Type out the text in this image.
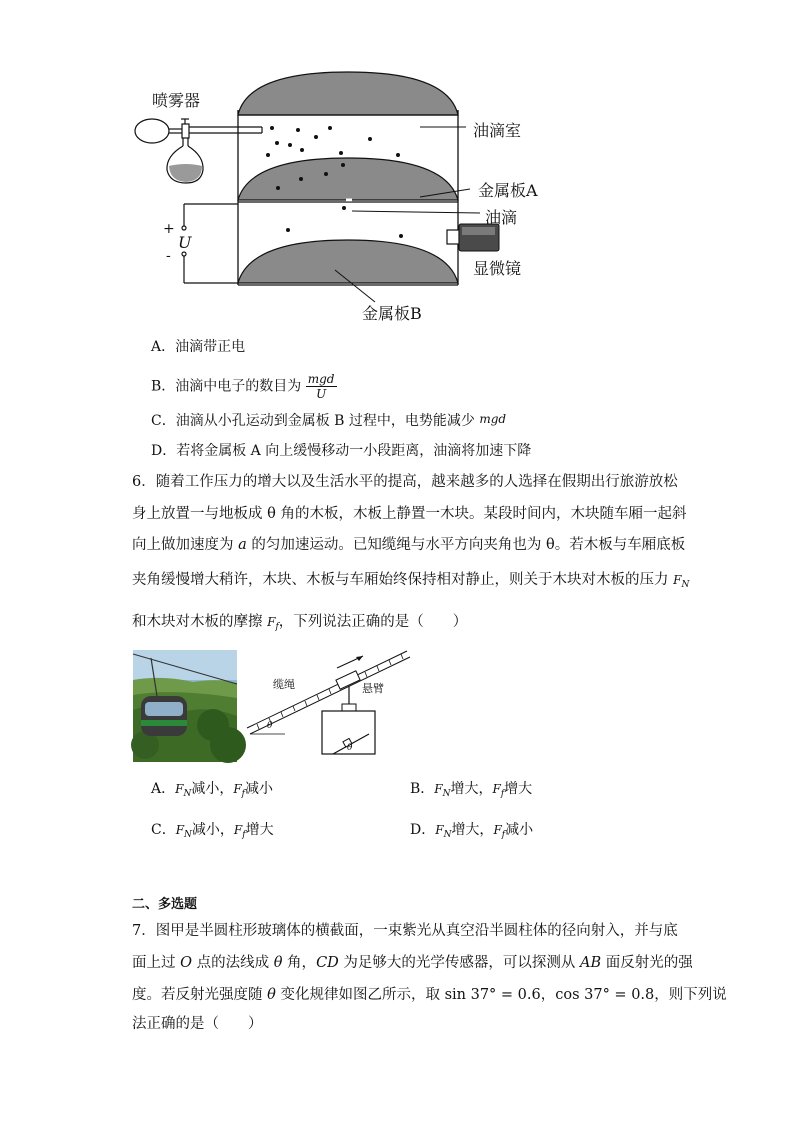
喷雾器
油滴室
金属板A
油滴
显微镜
金属板B
+
U
-
A．油滴带正电
B．油滴中电子的数目为 $\frac{\text{mgd}}{U}$
C．油滴从小孔运动到金属板 B 过程中，电势能减少 mgd
D．若将金属板 A 向上缓慢移动一小段距离，油滴将加速下降
6．随着工作压力的增大以及生活水平的提高，越来越多的人选择在假期出行旅游放松
身上放置一与地板成 θ 角的木板，木板上静置一木块。某段时间内，木块随车厢一起斜
向上做加速度为 a 的匀加速运动。已知缆绳与水平方向夹角也为 θ。若木板与车厢底板
夹角缓慢增大稍许，木块、木板与车厢始终保持相对静止，则关于木块对木板的压力 $F_N$
和木块对木板的摩擦 $F_f$，下列说法正确的是（　　）
缆绳	悬臂
θ
θ
A．$F_N$减小，$F_f$减小	B．$F_N$增大，$F_f$增大
C．$F_N$减小，$F_f$增大	D．$F_N$增大，$F_f$减小
二、多选题
7．图甲是半圆柱形玻璃体的横截面，一束紫光从真空沿半圆柱体的径向射入，并与底
面上过 O 点的法线成 θ 角，CD 为足够大的光学传感器，可以探测从 AB 面反射光的强
度。若反射光强度随 θ 变化规律如图乙所示，取 sin 37° = 0.6，cos 37° = 0.8，则下列说
法正确的是（　　）
